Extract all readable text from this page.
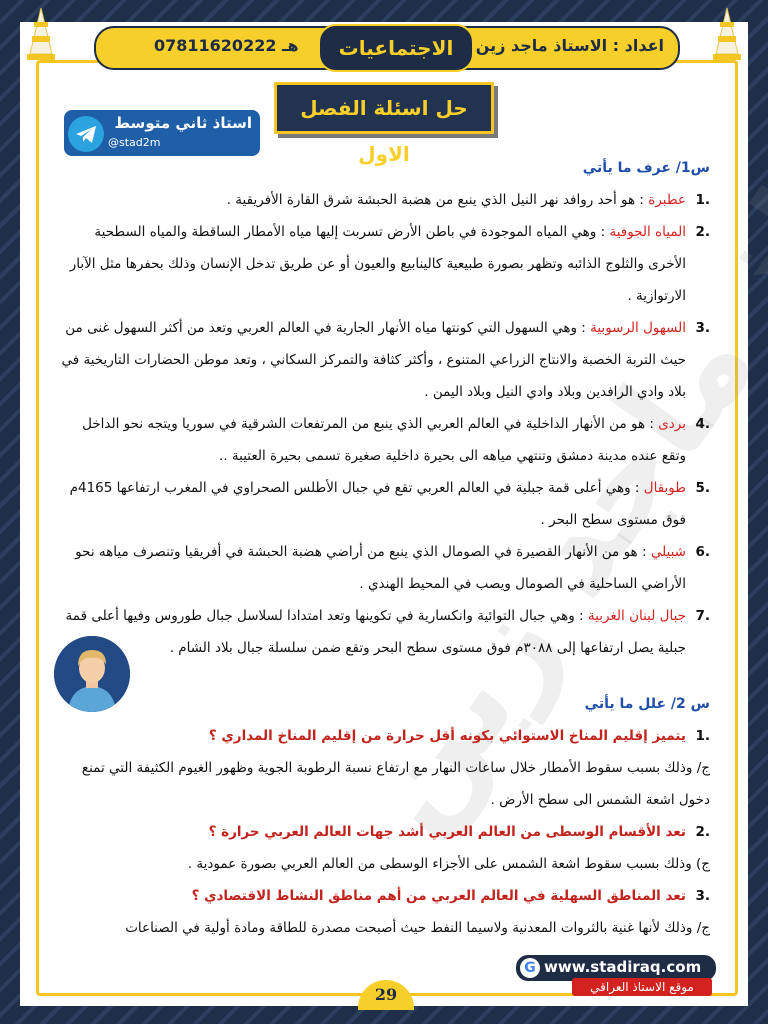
اعداد : الاستاذ ماجد زين
الاجتماعيات
هـ 07811620222
حل اسئلة الفصل الاول
استاذ ثاني متوسط
@stad2m
ماجد زين
س1/ عرف ما يأتي
.1
عطبرة : هو أحد روافد نهر النيل الذي ينبع من هضبة الحبشة شرق القارة الأفريقية .
.2
المياه الجوفية : وهي المياه الموجودة في باطن الأرض تسربت إليها مياه الأمطار الساقطة والمياه السطحية الأخرى والثلوج الذائبه وتظهر بصورة طبيعية كالينابيع والعيون أو عن طريق تدخل الإنسان وذلك بحفرها مثل الآبار الارتوازية .
.3
السهول الرسوبية : وهي السهول التي كونتها مياه الأنهار الجارية في العالم العربي وتعد من أكثر السهول غنى من حيث التربة الخصبة والانتاج الزراعي المتنوع ، وأكثر كثافة والتمركز السكاني ، وتعد موطن الحضارات التاريخية في بلاد وادي الرافدين وبلاد وادي النيل وبلاد اليمن .
.4
بردى : هو من الأنهار الداخلية في العالم العربي الذي ينبع من المرتفعات الشرقية في سوريا ويتجه نحو الداخل وتقع عنده مدينة دمشق وتنتهي مياهه الى بحيرة داخلية صغيرة تسمى بحيرة العتيبة ..
.5
طوبقال : وهي أعلى قمة جبلية في العالم العربي تقع في جبال الأطلس الصحراوي في المغرب ارتفاعها 4165م فوق مستوى سطح البحر .
.6
شبيلي : هو من الأنهار القصيرة في الصومال الذي ينبع من أراضي هضبة الحبشة في أفريقيا وتنصرف مياهه نحو الأراضي الساحلية في الصومال ويصب في المحيط الهندي .
.7
جبال لبنان الغربية : وهي جبال التوائية وانكسارية في تكوينها وتعد امتدادا لسلاسل جبال طوروس وفيها أعلى قمة جبلية يصل ارتفاعها إلى ٣٠٨٨م فوق مستوى سطح البحر وتقع ضمن سلسلة جبال بلاد الشام .
س 2/ علل ما يأتي
.1
يتميز إقليم المناخ الاستوائي بكونه أقل حرارة من إقليم المناخ المداري ؟
ج/ وذلك بسبب سقوط الأمطار خلال ساعات النهار مع ارتفاع نسبة الرطوبة الجوية وظهور الغيوم الكثيفة التي تمنع دخول اشعة الشمس الى سطح الأرض .
.2
تعد الأقسام الوسطى من العالم العربي أشد جهات العالم العربي حرارة ؟
ج) وذلك بسبب سقوط اشعة الشمس على الأجزاء الوسطى من العالم العربي بصورة عمودية .
.3
تعد المناطق السهلية في العالم العربي من أهم مناطق النشاط الاقتصادي ؟
ج/ وذلك لأنها غنية بالثروات المعدنية ولاسيما النفط حيث أصبحت مصدرة للطاقة ومادة أولية في الصناعات
G www.stadiraq.com
موقع الاستاذ العراقي
29
